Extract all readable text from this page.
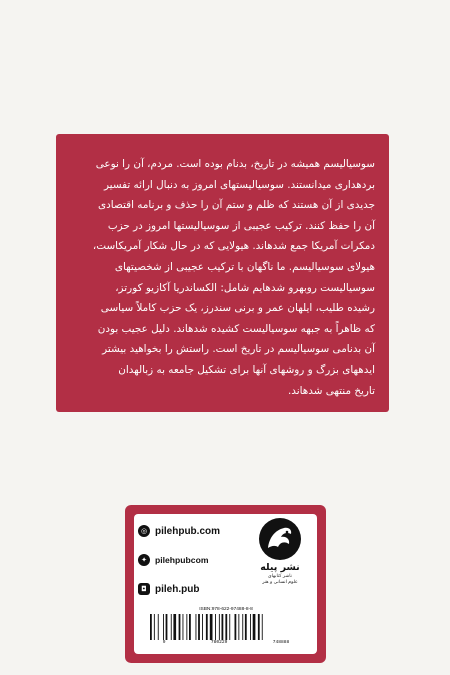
سوسیالیسم همیشه در تاریخ، بدنام بوده است. مردم، آن را نوعی
بردهداری میدانستند. سوسیالیستهای امروز به دنبال ارائه تفسیر
جدیدی از آن هستند که ظلم و ستم آن را حذف و برنامه اقتصادی
آن را حفظ کنند. ترکیب عجیبی از سوسیالیستها امروز در حزب
دمکرات آمریکا جمع شدهاند. هیولایی که در حال شکار آمریکاست،
هیولای سوسیالیسم. ما ناگهان با ترکیب عجیبی از شخصیتهای
سوسیالیست روبهرو شدهایم شامل: الکساندریا آکازیو کورتز،
رشیده طلیب، ایلهان عمر و برنی سندرز، یک حزب کاملاً سیاسی
که ظاهراً به جبهه سوسیالیست کشیده شدهاند. دلیل عجیب بودن
آن بدنامی سوسیالیسم در تاریخ است. راستش را بخواهید بیشتر
ایدههای بزرگ و روشهای آنها برای تشکیل جامعه به زبالهدان
تاریخ منتهی شدهاند.
◎ pilehpub.com
✦ pilehpubcom
◘ pileh.pub
نشر پیله
ناشر کتابهای
علوم انسانی و هنر
ISBN:978-622-97488-8-8
9	780229	748888
